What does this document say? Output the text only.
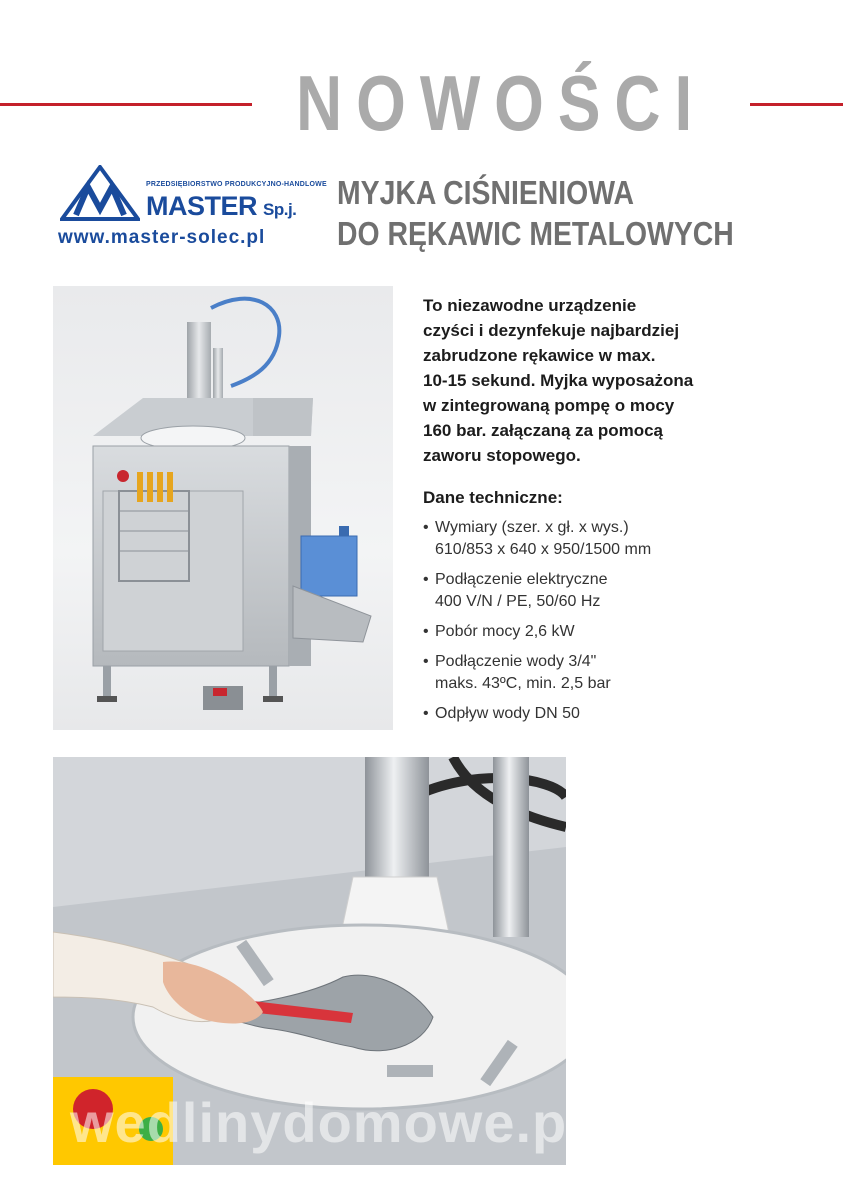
NOWOŚCI
PRZEDSIĘBIORSTWO PRODUKCYJNO-HANDLOWE
MASTER Sp.j.
www.master-solec.pl
MYJKA CIŚNIENIOWA
DO RĘKAWIC METALOWYCH

To niezawodne urządzenie

czyści i dezynfekuje najbardziej

zabrudzone rękawice w max.

10-15 sekund. Myjka wyposażona

w zintegrowaną pompę o mocy

160 bar. załączaną za pomocą

zaworu stopowego.

Dane techniczne:
• Wymiary (szer. x gł. x wys.)
610/853 x 640 x 950/1500 mm
• Podłączenie elektryczne
400 V/N / PE, 50/60 Hz
• Pobór mocy 2,6 kW
• Podłączenie wody 3/4"
maks. 43ºC, min. 2,5 bar
• Odpływ wody DN 50
wedlinydomowe.pl
